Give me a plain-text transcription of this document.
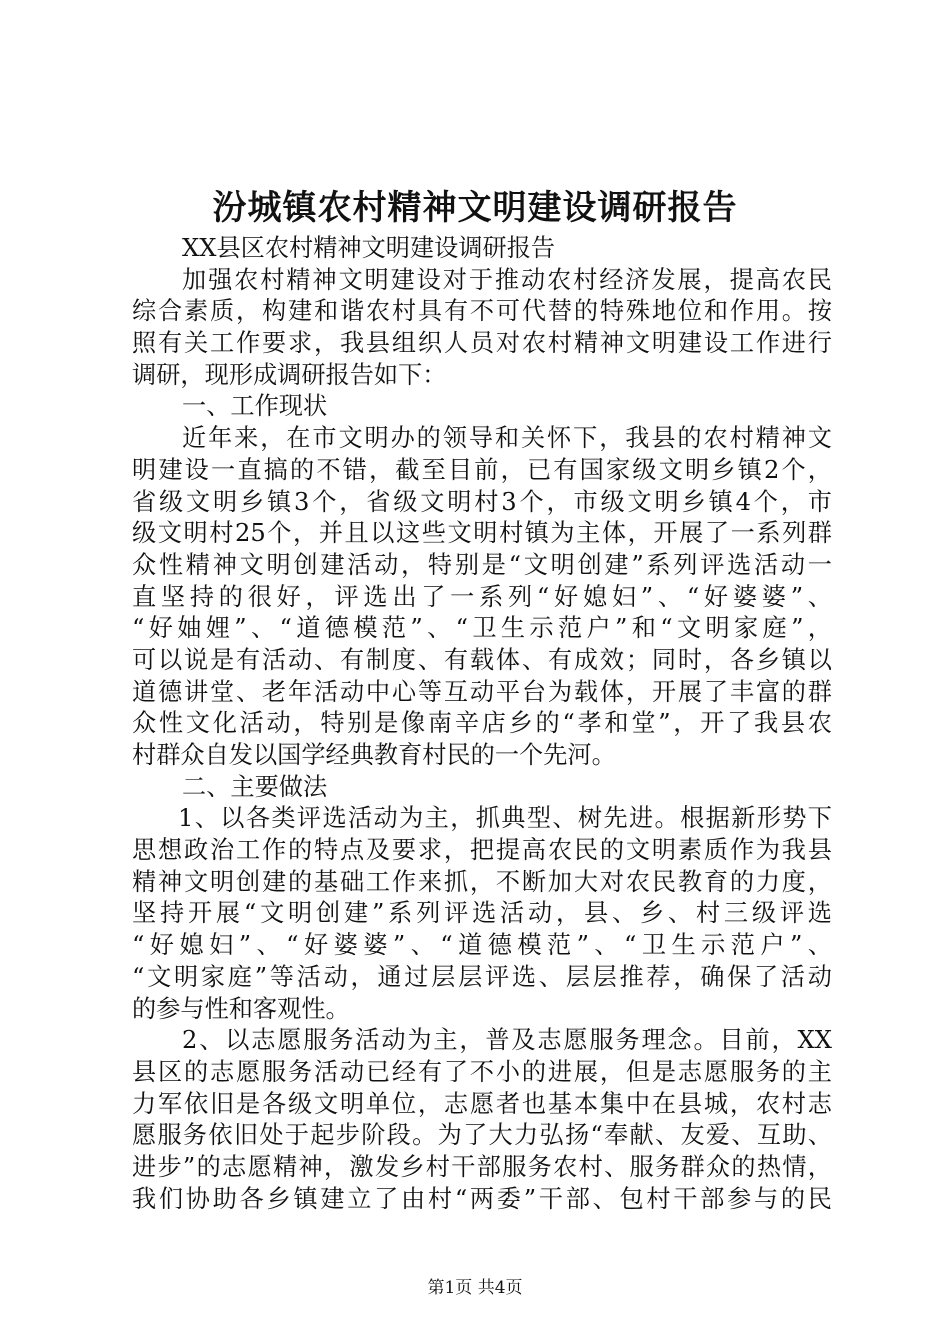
汾城镇农村精神文明建设调研报告
XX县区农村精神文明建设调研报告
加强农村精神文明建设对于推动农村经济发展，提高农民
综合素质，构建和谐农村具有不可代替的特殊地位和作用。按
照有关工作要求，我县组织人员对农村精神文明建设工作进行
调研，现形成调研报告如下：
一、工作现状
近年来，在市文明办的领导和关怀下，我县的农村精神文
明建设一直搞的不错，截至目前，已有国家级文明乡镇2个，
省级文明乡镇3个，省级文明村3个，市级文明乡镇4个，市
级文明村25个，并且以这些文明村镇为主体，开展了一系列群
众性精神文明创建活动，特别是“文明创建”系列评选活动一
直坚持的很好，评选出了一系列“好媳妇”、“好婆婆”、
“好妯娌”、“道德模范”、“卫生示范户”和“文明家庭”，
可以说是有活动、有制度、有载体、有成效；同时，各乡镇以
道德讲堂、老年活动中心等互动平台为载体，开展了丰富的群
众性文化活动，特别是像南辛店乡的“孝和堂”，开了我县农
村群众自发以国学经典教育村民的一个先河。
二、主要做法
1、以各类评选活动为主，抓典型、树先进。根据新形势下
思想政治工作的特点及要求，把提高农民的文明素质作为我县
精神文明创建的基础工作来抓，不断加大对农民教育的力度，
坚持开展“文明创建”系列评选活动，县、乡、村三级评选
“好媳妇”、“好婆婆”、“道德模范”、“卫生示范户”、
“文明家庭”等活动，通过层层评选、层层推荐，确保了活动
的参与性和客观性。
2、以志愿服务活动为主，普及志愿服务理念。目前，XX
县区的志愿服务活动已经有了不小的进展，但是志愿服务的主
力军依旧是各级文明单位，志愿者也基本集中在县城，农村志
愿服务依旧处于起步阶段。为了大力弘扬“奉献、友爱、互助、
进步”的志愿精神，激发乡村干部服务农村、服务群众的热情，
我们协助各乡镇建立了由村“两委”干部、包村干部参与的民
第1页 共4页
